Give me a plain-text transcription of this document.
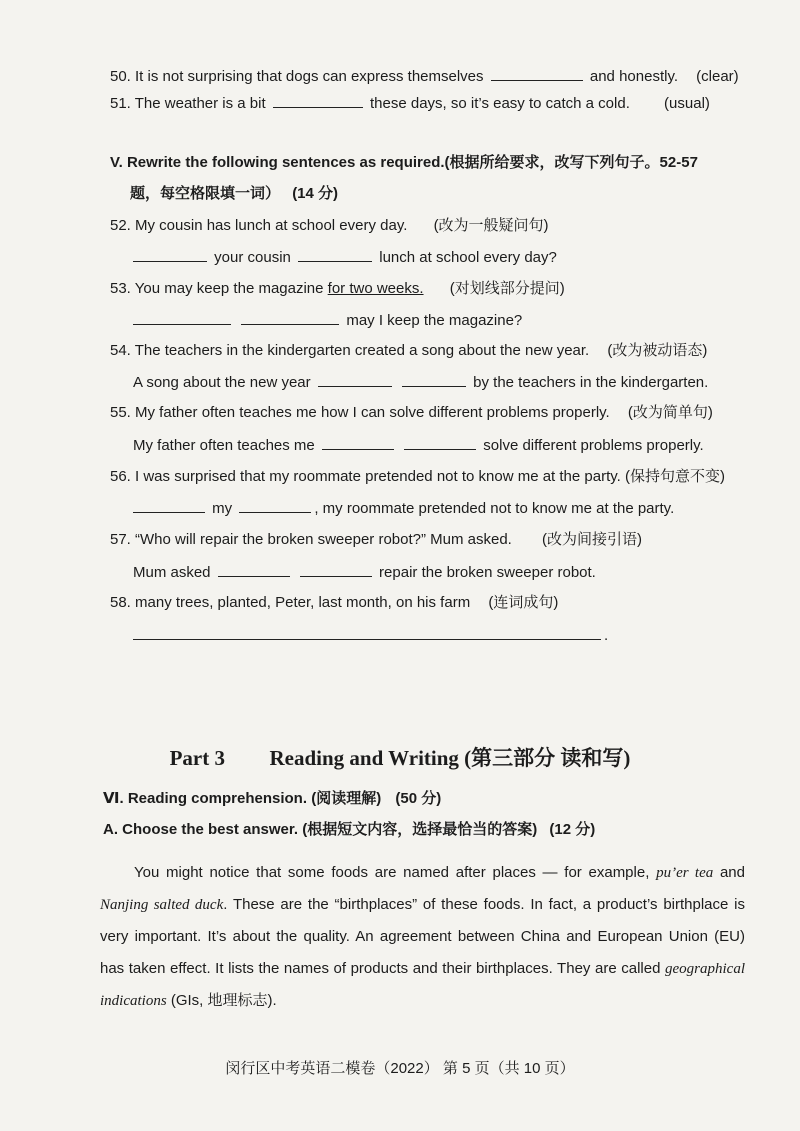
50. It is not surprising that dogs can express themselves	and honestly. (clear)
51. The weather is a bit	these days, so it’s easy to catch a cold. (usual)
V. Rewrite the following sentences as required.(根据所给要求，改写下列句子。52-57
题，每空格限填一词） (14 分)
52. My cousin has lunch at school every day. (改为一般疑问句)
your cousin	lunch at school every day?
53. You may keep the magazine for two weeks. (对划线部分提问)
may I keep the magazine?
54. The teachers in the kindergarten created a song about the new year. (改为被动语态)
A song about the new year	by the teachers in the kindergarten.
55. My father often teaches me how I can solve different problems properly. (改为简单句)
My father often teaches me	solve different problems properly.
56. I was surprised that my roommate pretended not to know me at the party. (保持句意不变)
my	, my roommate pretended not to know me at the party.
57. “Who will repair the broken sweeper robot?” Mum asked. (改为间接引语)
Mum asked	repair the broken sweeper robot.
58. many trees, planted, Peter, last month, on his farm (连词成句)
.
Part 3 Reading and Writing (第三部分 读和写)
Ⅵ. Reading comprehension. (阅读理解) (50 分)
A. Choose the best answer. (根据短文内容，选择最恰当的答案) (12 分)
You might notice that some foods are named after places — for example, pu’er tea and Nanjing salted duck. These are the “birthplaces” of these foods. In fact, a product’s birthplace is very important. It’s about the quality. An agreement between China and European Union (EU) has taken effect. It lists the names of products and their birthplaces. They are called geographical indications (GIs, 地理标志).
闵行区中考英语二模卷（2022） 第 5 页（共 10 页）
